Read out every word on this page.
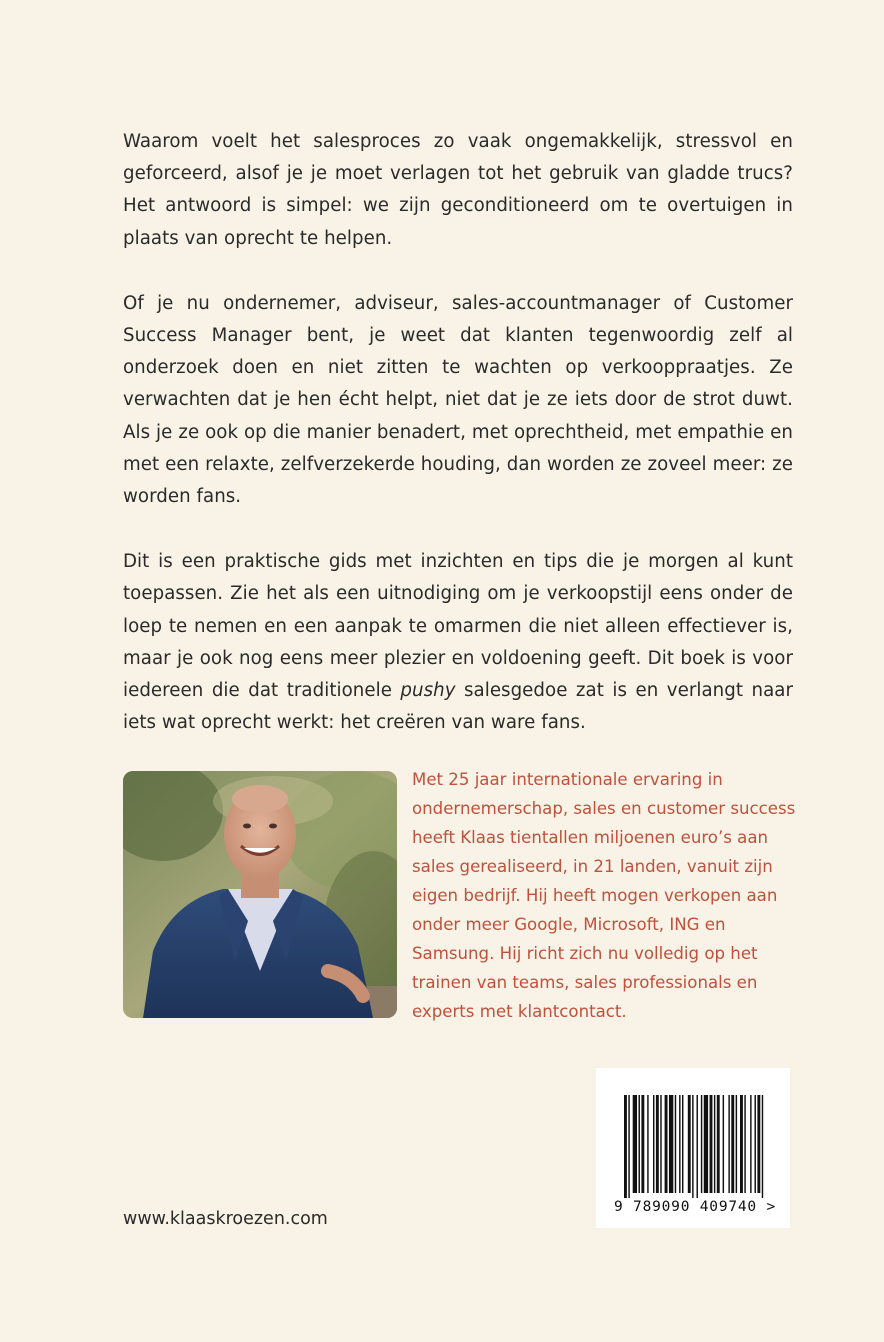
Waarom voelt het salesproces zo vaak ongemakkelijk, stressvol en geforceerd, alsof je je moet verlagen tot het gebruik van gladde trucs? Het antwoord is simpel: we zijn geconditioneerd om te overtuigen in plaats van oprecht te helpen.

Of je nu ondernemer, adviseur, sales-accountmanager of Customer Success Manager bent, je weet dat klanten tegenwoordig zelf al onderzoek doen en niet zitten te wachten op verkooppraatjes. Ze verwachten dat je hen écht helpt, niet dat je ze iets door de strot duwt. Als je ze ook op die manier benadert, met oprechtheid, met empathie en met een relaxte, zelfverzekerde houding, dan worden ze zoveel meer: ze worden fans.

Dit is een praktische gids met inzichten en tips die je morgen al kunt toepassen. Zie het als een uitnodiging om je verkoopstijl eens onder de loep te nemen en een aanpak te omarmen die niet alleen effectiever is, maar je ook nog eens meer plezier en voldoening geeft. Dit boek is voor iedereen die dat traditionele pushy salesgedoe zat is en verlangt naar iets wat oprecht werkt: het creëren van ware fans.

Met 25 jaar internationale ervaring in ondernemerschap, sales en customer success heeft Klaas tientallen miljoenen euro’s aan sales gerealiseerd, in 21 landen, vanuit zijn eigen bedrijf. Hij heeft mogen verkopen aan onder meer Google, Microsoft, ING en Samsung. Hij richt zich nu volledig op het trainen van teams, sales professionals en experts met klantcontact.
9 789090 409740 >
www.klaaskroezen.com
